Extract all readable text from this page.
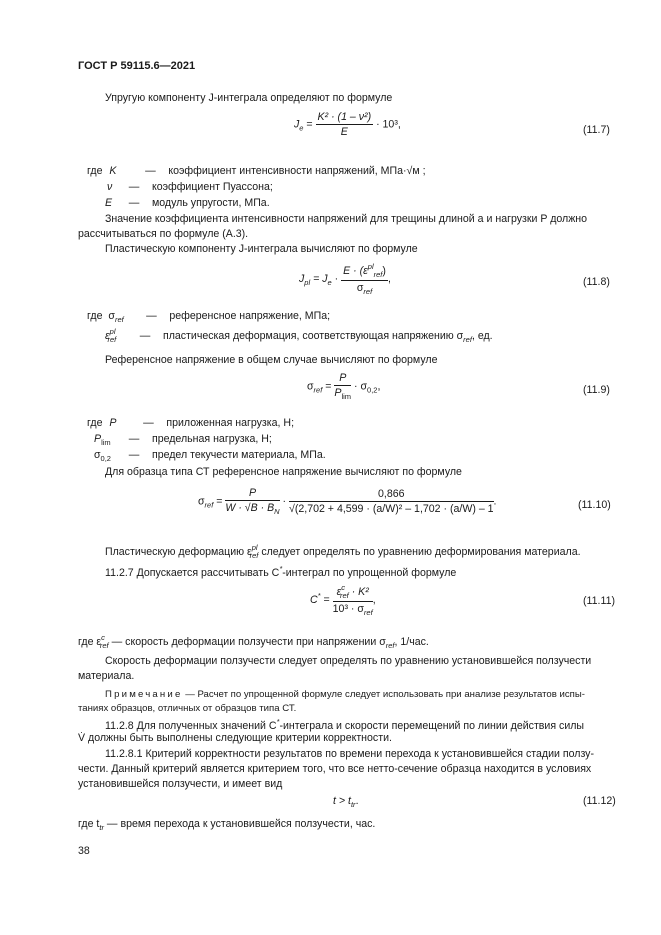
ГОСТ Р 59115.6—2021
Упругую компоненту J-интеграла определяют по формуле
$J_e = \frac{\text{K² · (1 – ν²)}}{E} \cdot 10^3$,	(11.7)
где K	— коэффициент интенсивности напряжений, МПа·√м ;
ν — коэффициент Пуассона;
E — модуль упругости, МПа.
Значение коэффициента интенсивности напряжений для трещины длиной a и нагрузки P должно
рассчитываться по формуле (А.3).
Пластическую компоненту J-интеграла вычисляют по формуле
$J_{pl} = J_e \cdot \frac{E \cdot (\varepsilon^{pl}_{ref})}{\sigma_{ref}}$ ,	(11.8)
где $\sigma_{ref}$ — референсное напряжение, МПа;
$\varepsilon^{pl}_{ref}$ — пластическая деформация, соответствующая напряжению $\sigma_{ref}$, ед.
Референсное напряжение в общем случае вычисляют по формуле
$\sigma_{ref} = \frac{P}{P_{lim}} \cdot \sigma_{0,2}$,	(11.9)
где P	— приложенная нагрузка, Н;
$P_{lim}$ — предельная нагрузка, Н;
$\sigma_{0,2}$ — предел текучести материала, МПа.
Для образца типа СТ референсное напряжение вычисляют по формуле
$\sigma_{ref} = \frac{P}{W \cdot √B \cdot B_N} \cdot \frac{0,866}{\text{√(2,702 + 4,599 · (a/W)² – 1,702 · (a/W) – 1}}$ .	(11.10)
Пластическую деформацию $\varepsilon^{pl}_{ref}$ следует определять по уравнению деформирования материала.
11.2.7 Допускается рассчитывать C*-интеграл по упрощенной формуле
$C^* = \frac{\varepsilon^c_{ref} \cdot K^2}{10^3 \cdot \sigma_{ref}}$ ,	(11.11)
где $\varepsilon^c_{ref}$ — скорость деформации ползучести при напряжении $\sigma_{ref}$, 1/час.
Скорость деформации ползучести следует определять по уравнению установившейся ползучести
материала.
Примечание — Расчет по упрощенной формуле следует использовать при анализе результатов испы-
таниях образцов, отличных от образцов типа СТ.
11.2.8 Для полученных значений C*-интеграла и скорости перемещений по линии действия силы
V̇ должны быть выполнены следующие критерии корректности.
11.2.8.1 Критерий корректности результатов по времени перехода к установившейся стадии ползу-
чести. Данный критерий является критерием того, что все нетто-сечение образца находится в условиях
установившейся ползучести, и имеет вид
$t > t_{tr}$.	(11.12)
где $t_{tr}$ — время перехода к установившейся ползучести, час.
38
